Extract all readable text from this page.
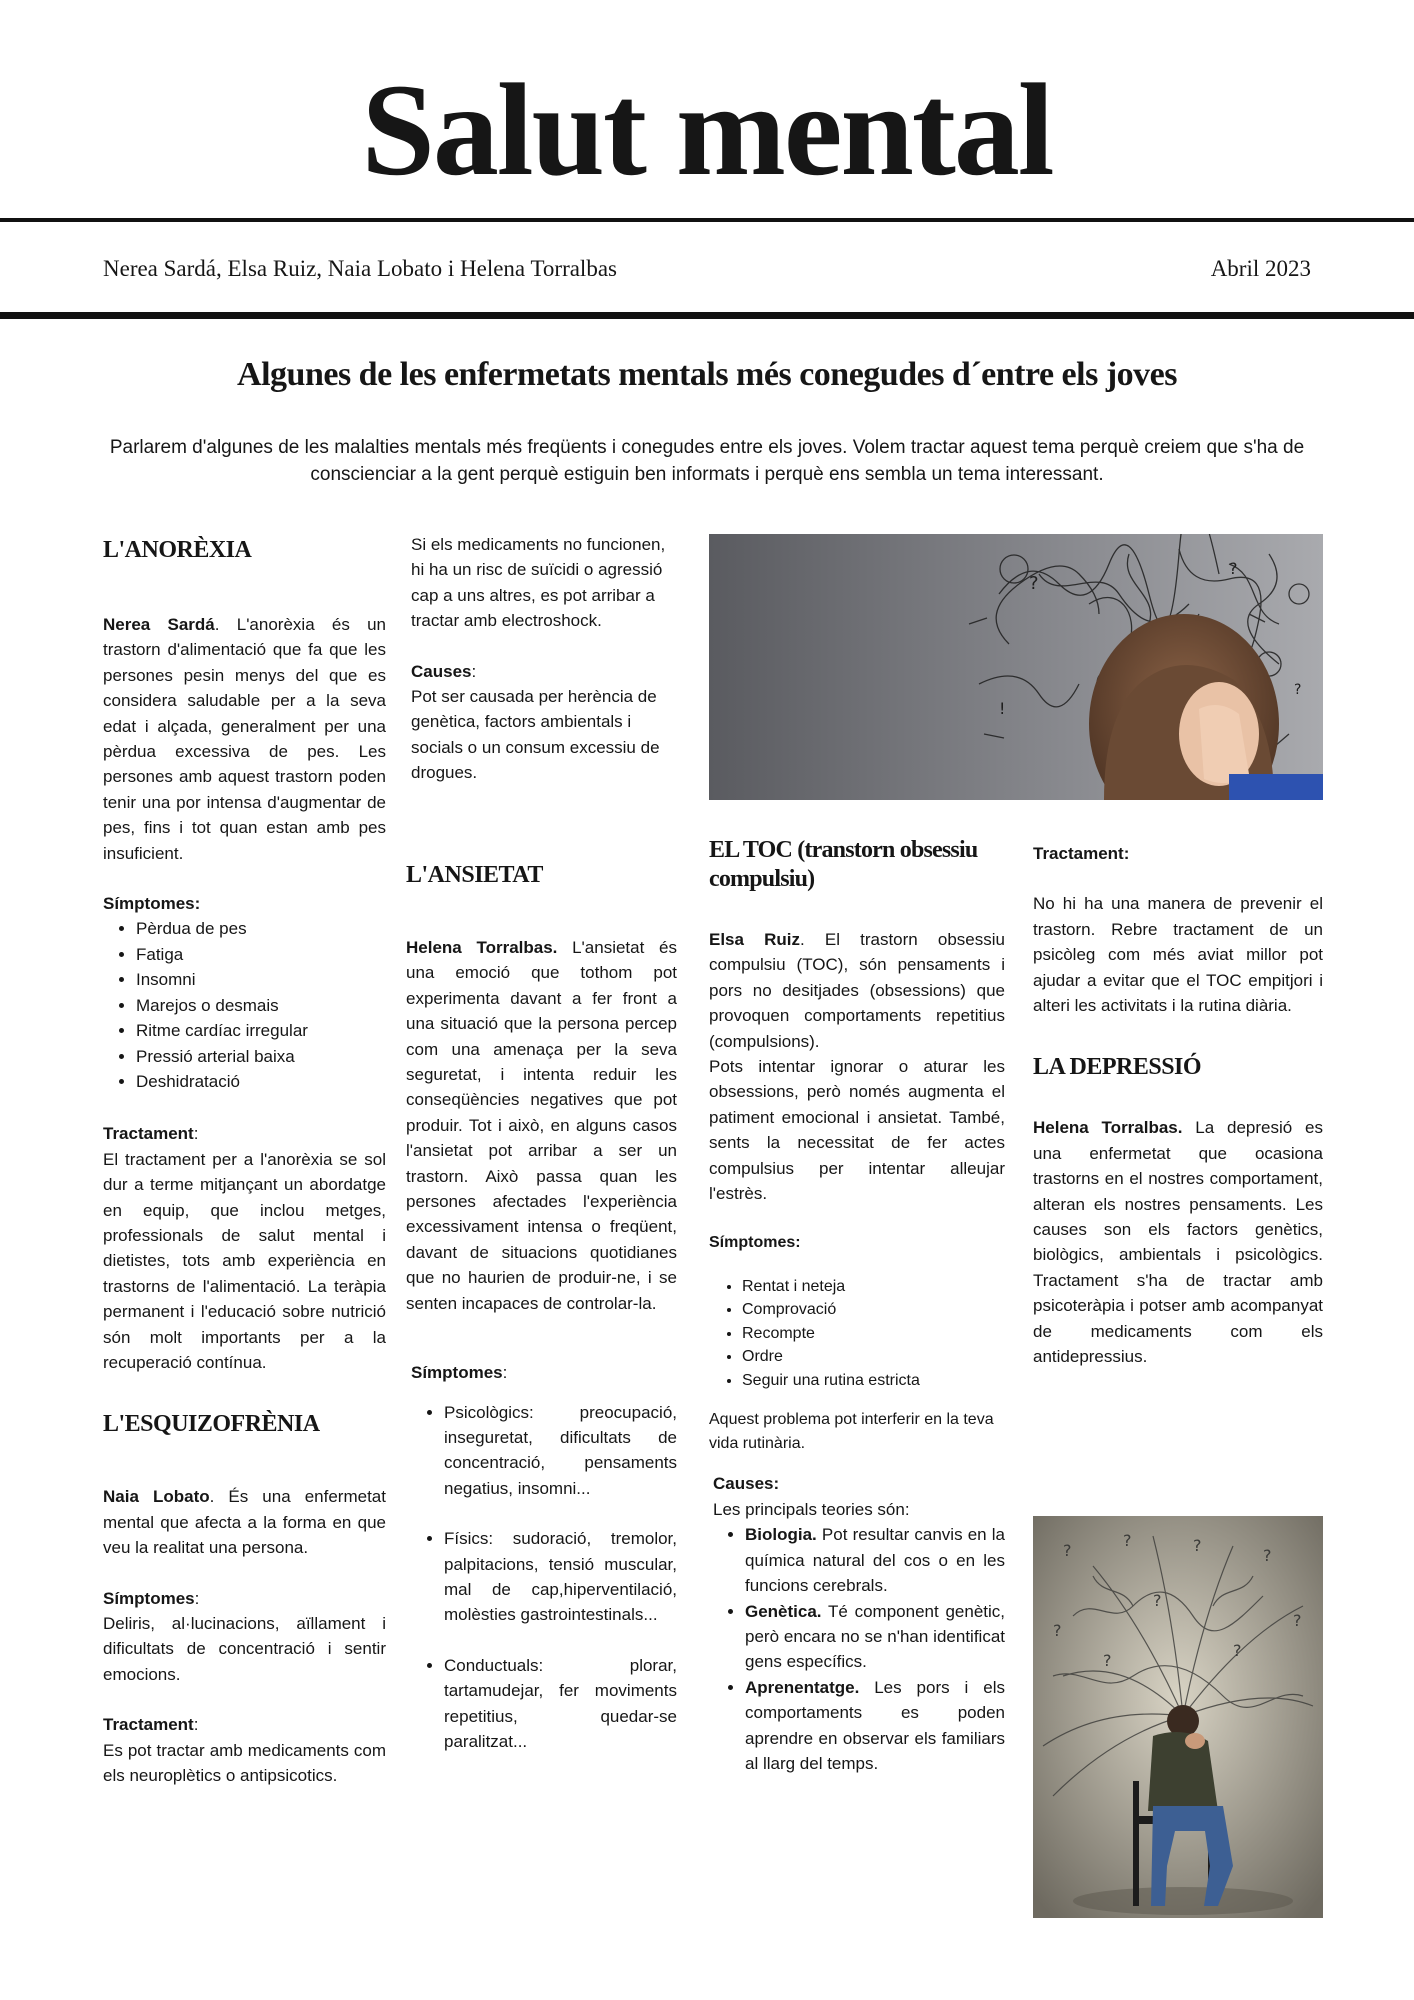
Salut mental
Nerea Sardá, Elsa Ruiz, Naia Lobato i Helena Torralbas	Abril 2023
Algunes de les enfermetats mentals més conegudes d´entre els joves

Parlarem d'algunes de les malalties mentals més freqüents i conegudes entre els joves. Volem tractar aquest tema perquè creiem que s'ha de conscienciar a la gent perquè estiguin ben informats i perquè ens sembla un tema interessant.

L'ANORÈXIA

Nerea Sardá. L'anorèxia és un trastorn d'alimentació que fa que les persones pesin menys del que es considera saludable per a la seva edat i alçada, generalment per una pèrdua excessiva de pes. Les persones amb aquest trastorn poden tenir una por intensa d'augmentar de pes, fins i tot quan estan amb pes insuficient.

Símptomes:

• Pèrdua de pes
• Fatiga
• Insomni
• Marejos o desmais
• Ritme cardíac irregular
• Pressió arterial baixa
• Deshidratació

Tractament:

El tractament per a l'anorèxia se sol dur a terme mitjançant un abordatge en equip, que inclou metges, professionals de salut mental i dietistes, tots amb experiència en trastorns de l'alimentació. La teràpia permanent i l'educació sobre nutrició són molt importants per a la recuperació contínua.

L'ESQUIZOFRÈNIA

Naia Lobato. És una enfermetat mental que afecta a la forma en que veu la realitat una persona.

Símptomes:

Deliris, al·lucinacions, aïllament i dificultats de concentració i sentir emocions.

Tractament:

Es pot tractar amb medicaments com els neuroplètics o antipsicotics.

Si els medicaments no funcionen, hi ha un risc de suïcidi o agressió cap a uns altres, es pot arribar a tractar amb electroshock.

Causes:

Pot ser causada per herència de genètica, factors ambientals i socials o un consum excessiu de drogues.

L'ANSIETAT

Helena Torralbas. L'ansietat és una emoció que tothom pot experimenta davant a fer front a una situació que la persona percep com una amenaça per la seva seguretat, i intenta reduir les conseqüències negatives que pot produir. Tot i això, en alguns casos l'ansietat pot arribar a ser un trastorn. Això passa quan les persones afectades l'experiència excessivament intensa o freqüent, davant de situacions quotidianes que no haurien de produir-ne, i se senten incapaces de controlar-la.

Símptomes:

• Psicològics: preocupació, inseguretat, dificultats de concentració, pensaments negatius, insomni...
• Físics: sudoració, tremolor, palpitacions, tensió muscular, mal de cap,hiperventilació, molèsties gastrointestinals...
• Conductuals: plorar, tartamudejar, fer moviments repetitius, quedar-se paralitzat...
?
?
!
?
EL TOC (transtorn obsessiu compulsiu)

Elsa Ruiz. El trastorn obsessiu compulsiu (TOC), són pensaments i pors no desitjades (obsessions) que provoquen comportaments repetitius (compulsions).

Pots intentar ignorar o aturar les obsessions, però només augmenta el patiment emocional i ansietat. També, sents la necessitat de fer actes compulsius per intentar alleujar l'estrès.

Símptomes:

• Rentat i neteja
• Comprovació
• Recompte
• Ordre
• Seguir una rutina estricta

Aquest problema pot interferir en la teva vida rutinària.

Causes:

Les principals teories són:

• Biologia. Pot resultar canvis en la química natural del cos o en les funcions cerebrals.
• Genètica. Té component genètic, però encara no se n'han identificat gens específics.
• Aprenentatge. Les pors i els comportaments es poden aprendre en observar els familiars al llarg del temps.

Tractament:

No hi ha una manera de prevenir el trastorn. Rebre tractament de un psicòleg com més aviat millor pot ajudar a evitar que el TOC empitjori i alteri les activitats i la rutina diària.

LA DEPRESSIÓ

Helena Torralbas. La depresió es una enfermetat que ocasiona trastorns en el nostres comportament, alteran els nostres pensaments. Les causes son els factors genètics, biològics, ambientals i psicològics. Tractament s'ha de tractar amb psicoteràpia i potser amb acompanyat de medicaments com els antidepressius.

?
?	?
?
?
?
?
?
?
